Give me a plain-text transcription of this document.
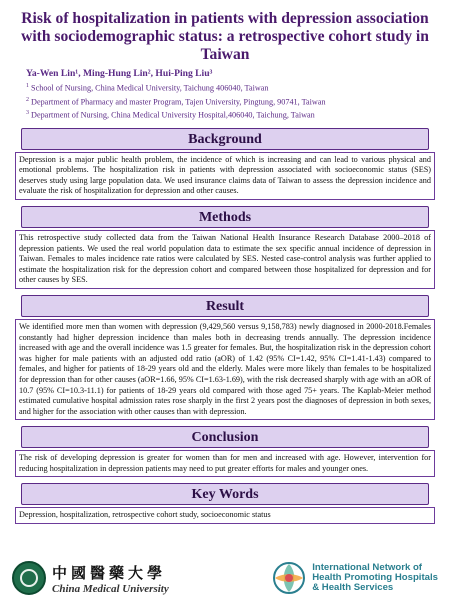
Risk of hospitalization in patients with depression association with sociodemographic status: a retrospective cohort study in Taiwan
Ya-Wen Lin¹, Ming-Hung Lin², Hui-Ping Liu³
$^1$ School of Nursing, China Medical University, Taichung 406040, Taiwan
$^2$ Department of Pharmacy and master Program, Tajen University, Pingtung, 90741, Taiwan
$^3$ Department of Nursing, China Medical University Hospital,406040, Taichung, Taiwan
Background
Depression is a major public health problem, the incidence of which is increasing and can lead to various physical and emotional problems. The hospitalization risk in patients with depression associated with socioeconomic status (SES) deserves study using large population data. We used insurance claims data of Taiwan to assess the depression incidence and evaluate the risk of hospitalization for depression and other causes.
Methods
This retrospective study collected data from the Taiwan National Health Insurance Research Database 2000–2018 of depression patients. We used the real world population data to estimate the sex specific annual incidence of depression in Taiwan. Females to males incidence rate ratios were calculated by SES. Nested case-control analysis was further applied to estimate the hospitalization risk for the depression cohort and compared between those hospitalized for depression and for other causes by SES.
Result
We identified more men than women with depression (9,429,560 versus 9,158,783) newly diagnosed in 2000-2018.Females constantly had higher depression incidence than males both in decreasing trends annually. The depression incidence increased with age and the overall incidence was 1.5 greater for females. But, the hospitalization risk in the depression cohort was higher for male patients with an adjusted odd ratio (aOR) of 1.42 (95% CI=1.42, 95% CI=1.41-1.43) compared to females, and higher for patients of 18-29 years old and the elderly. Males were more likely than females to be hospitalized for depression than for other causes (aOR=1.66, 95% CI=1.63-1.69), with the risk decreased sharply with age with an aOR of 10.7 (95% CI=10.3-11.1) for patients of 18-29 years old compared with those aged 75+ years. The Kaplab-Meier method estimated cumulative hospital admission rates rose sharply in the first 2 years post the diagnoses of depression in both sexes, and higher for the association with other causes than with depression.
Conclusion
The risk of developing depression is greater for women than for men and increased with age. However, intervention for reducing hospitalization in depression patients may need to put greater efforts for males and younger ones.
Key Words
Depression, hospitalization, retrospective cohort study, socioeconomic status
中國醫藥大學
China Medical University
International Network of
Health Promoting Hospitals
& Health Services
